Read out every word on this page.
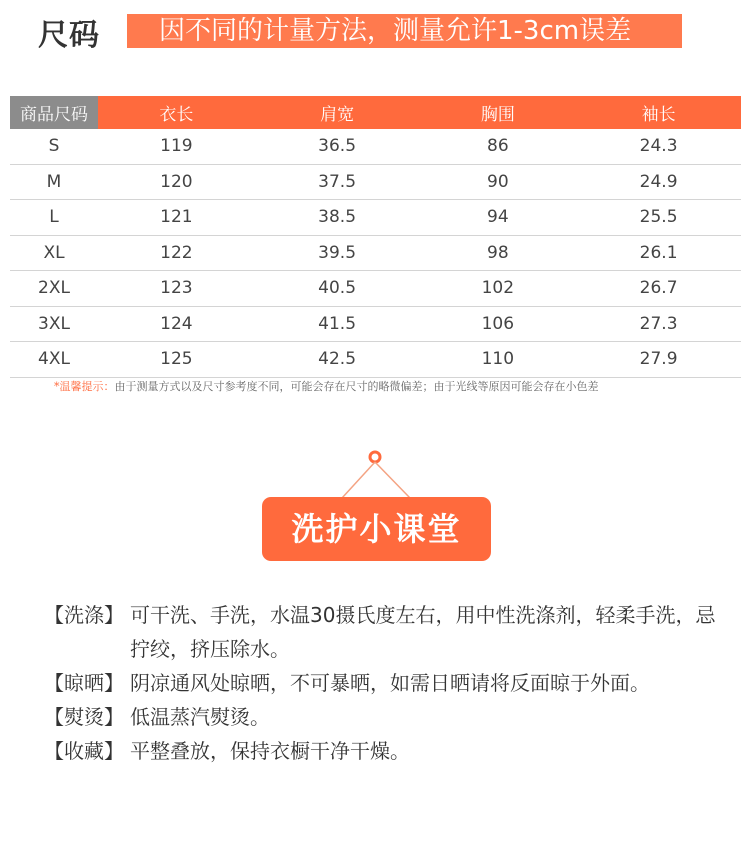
尺码	因不同的计量方法，测量允许1-3cm误差
商品尺码	衣长	肩宽	胸围	袖长
S	119	36.5	86	24.3
M	120	37.5	90	24.9
L	121	38.5	94	25.5
XL	122	39.5	98	26.1
2XL	123	40.5	102	26.7
3XL	124	41.5	106	27.3
4XL	125	42.5	110	27.9
*温馨提示：由于测量方式以及尺寸参考度不同，可能会存在尺寸的略微偏差；由于光线等原因可能会存在小色差
洗护小课堂
【洗涤】 可干洗、手洗，水温30摄氏度左右，用中性洗涤剂，轻柔手洗，忌拧绞，挤压除水。
【晾晒】 阴凉通风处晾晒，不可暴晒，如需日晒请将反面晾于外面。
【熨烫】 低温蒸汽熨烫。
【收藏】 平整叠放，保持衣橱干净干燥。
